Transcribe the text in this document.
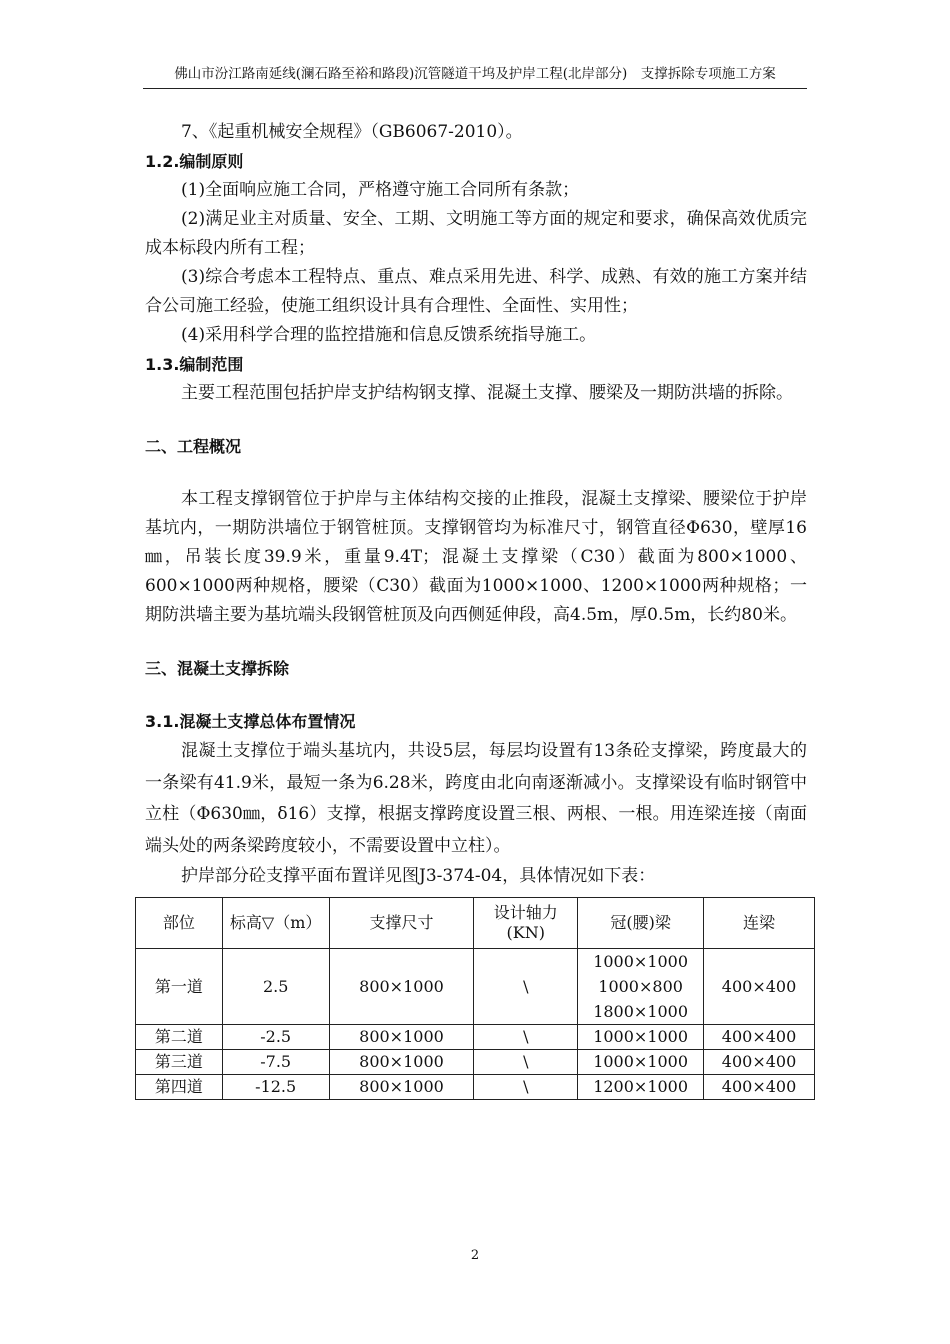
佛山市汾江路南延线(澜石路至裕和路段)沉管隧道干坞及护岸工程(北岸部分)　支撑拆除专项施工方案

7、《起重机械安全规程》（GB6067-2010）。

1.2.编制原则

(1)全面响应施工合同，严格遵守施工合同所有条款；

(2)满足业主对质量、安全、工期、文明施工等方面的规定和要求，确保高效优质完成本标段内所有工程；

(3)综合考虑本工程特点、重点、难点采用先进、科学、成熟、有效的施工方案并结合公司施工经验，使施工组织设计具有合理性、全面性、实用性；

(4)采用科学合理的监控措施和信息反馈系统指导施工。

1.3.编制范围

主要工程范围包括护岸支护结构钢支撑、混凝土支撑、腰梁及一期防洪墙的拆除。

二、工程概况

本工程支撑钢管位于护岸与主体结构交接的止推段，混凝土支撑梁、腰梁位于护岸基坑内，一期防洪墙位于钢管桩顶。支撑钢管均为标准尺寸，钢管直径Φ630，壁厚16㎜，吊装长度39.9米，重量9.4T；混凝土支撑梁（C30）截面为800×1000、600×1000两种规格，腰梁（C30）截面为1000×1000、1200×1000两种规格；一期防洪墙主要为基坑端头段钢管桩顶及向西侧延伸段，高4.5m，厚0.5m，长约80米。

三、混凝土支撑拆除

3.1.混凝土支撑总体布置情况

混凝土支撑位于端头基坑内，共设5层，每层均设置有13条砼支撑梁，跨度最大的一条梁有41.9米，最短一条为6.28米，跨度由北向南逐渐减小。支撑梁设有临时钢管中立柱（Φ630㎜，δ16）支撑，根据支撑跨度设置三根、两根、一根。用连梁连接（南面端头处的两条梁跨度较小，不需要设置中立柱）。

护岸部分砼支撑平面布置详见图J3-374-04，具体情况如下表：

部位	标高▽（m）	支撑尺寸	设计轴力
(KN)	冠(腰)梁	连梁
第一道	2.5	800×1000	\	1000×1000
1000×800
1800×1000	400×400
第二道	-2.5	800×1000	\	1000×1000	400×400
第三道	-7.5	800×1000	\	1000×1000	400×400
第四道	-12.5	800×1000	\	1200×1000	400×400
2
